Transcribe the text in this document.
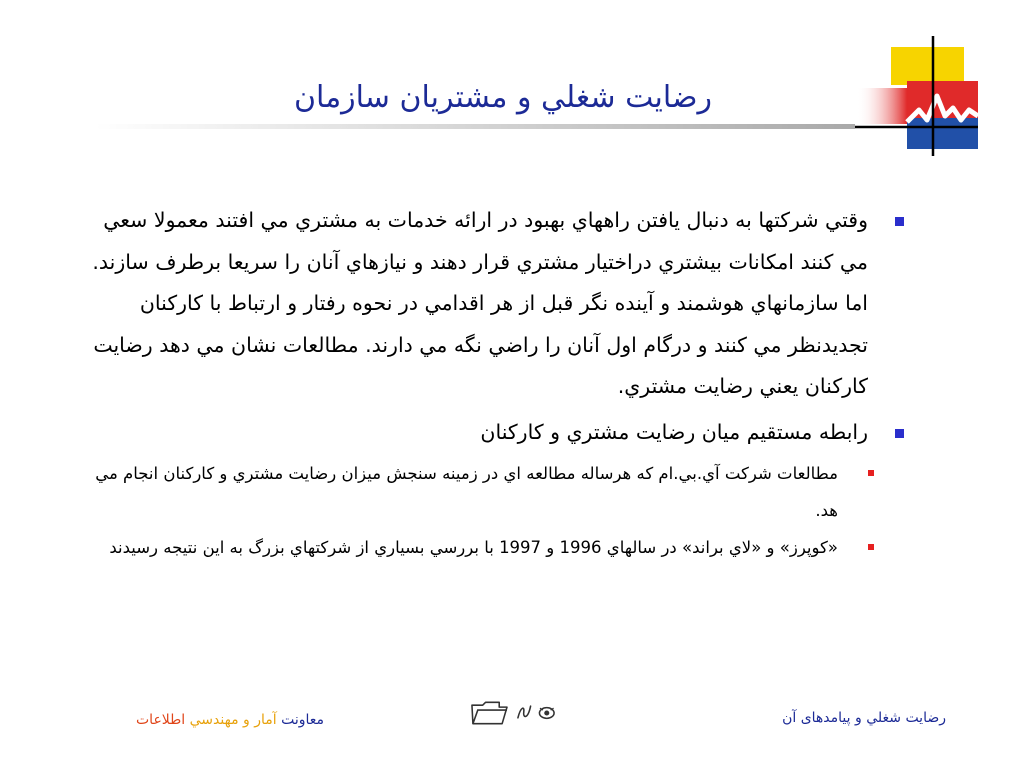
رضايت شغلي و مشتريان سازمان
وقتي شركتها به دنبال يافتن راههاي بهبود در ارائه خدمات به مشتري مي افتند معمولا سعي مي كنند امكانات بيشتري دراختيار مشتري قرار دهند و نيازهاي آنان را سريعا برطرف سازند. اما سازمانهاي هوشمند و آينده نگر قبل از هر اقدامي در نحوه رفتار و ارتباط با كاركنان تجديدنظر مي كنند و درگام اول آنان را راضي نگه مي دارند. مطالعات نشان مي دهد رضايت كاركنان يعني رضايت مشتري.
رابطه مستقيم ميان رضايت مشتري و كاركنان
مطالعات شركت آي.بي.ام كه هرساله مطالعه اي در زمينه سنجش ميزان رضايت مشتري و كاركنان انجام مي هد.
«كوپرز» و «لاي براند» در سالهاي 1996 و 1997 با بررسي بسياري از شركتهاي بزرگ به اين نتيجه رسيدند
رضايت شغلي و پيامدهای آن
معاونت آمار و مهندسي اطلاعات
